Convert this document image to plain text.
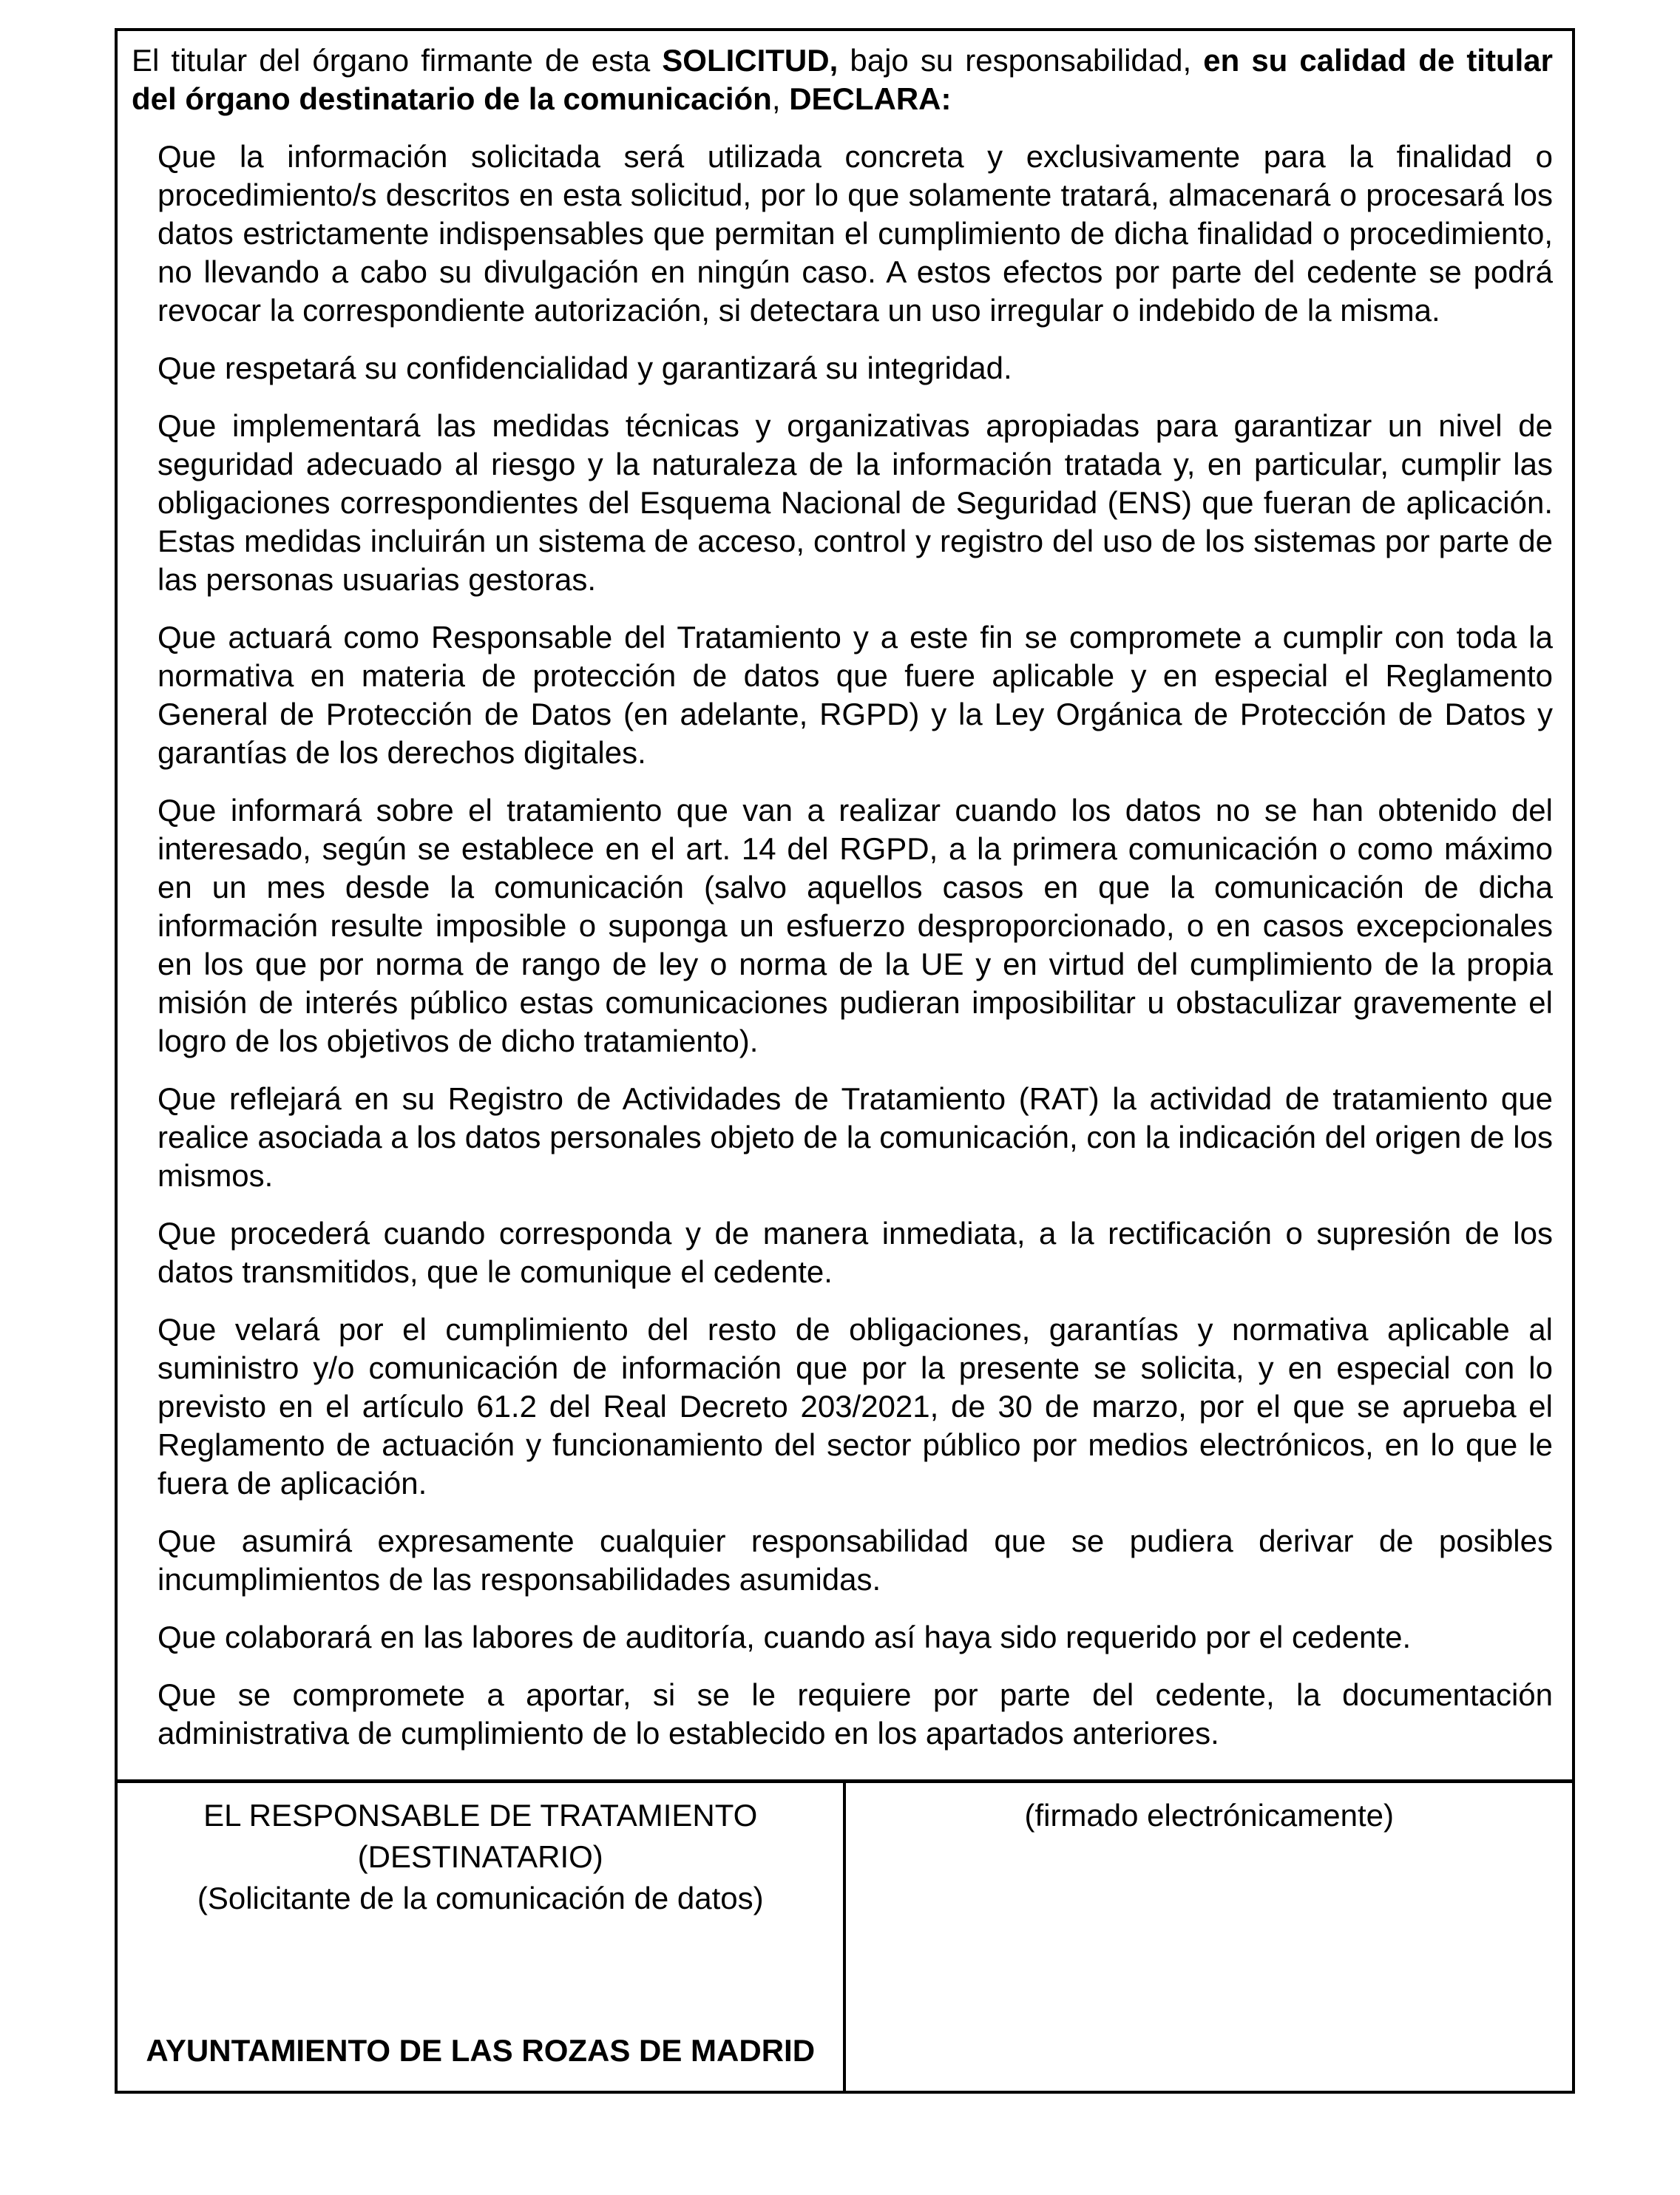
El titular del órgano firmante de esta SOLICITUD, bajo su responsabilidad, en su calidad de titular del órgano destinatario de la comunicación, DECLARA:

Que la información solicitada será utilizada concreta y exclusivamente para la finalidad o procedimiento/s descritos en esta solicitud, por lo que solamente tratará, almacenará o procesará los datos estrictamente indispensables que permitan el cumplimiento de dicha finalidad o procedimiento, no llevando a cabo su divulgación en ningún caso. A estos efectos por parte del cedente se podrá revocar la correspondiente autorización, si detectara un uso irregular o indebido de la misma.

Que respetará su confidencialidad y garantizará su integridad.

Que implementará las medidas técnicas y organizativas apropiadas para garantizar un nivel de seguridad adecuado al riesgo y la naturaleza de la información tratada y, en particular, cumplir las obligaciones correspondientes del Esquema Nacional de Seguridad (ENS) que fueran de aplicación. Estas medidas incluirán un sistema de acceso, control y registro del uso de los sistemas por parte de las personas usuarias gestoras.

Que actuará como Responsable del Tratamiento y a este fin se compromete a cumplir con toda la normativa en materia de protección de datos que fuere aplicable y en especial el Reglamento General de Protección de Datos (en adelante, RGPD) y la Ley Orgánica de Protección de Datos y garantías de los derechos digitales.

Que informará sobre el tratamiento que van a realizar cuando los datos no se han obtenido del interesado, según se establece en el art. 14 del RGPD, a la primera comunicación o como máximo en un mes desde la comunicación (salvo aquellos casos en que la comunicación de dicha información resulte imposible o suponga un esfuerzo desproporcionado, o en casos excepcionales en los que por norma de rango de ley o norma de la UE y en virtud del cumplimiento de la propia misión de interés público estas comunicaciones pudieran imposibilitar u obstaculizar gravemente el logro de los objetivos de dicho tratamiento).

Que reflejará en su Registro de Actividades de Tratamiento (RAT) la actividad de tratamiento que realice asociada a los datos personales objeto de la comunicación, con la indicación del origen de los mismos.

Que procederá cuando corresponda y de manera inmediata, a la rectificación o supresión de los datos transmitidos, que le comunique el cedente.

Que velará por el cumplimiento del resto de obligaciones, garantías y normativa aplicable al suministro y/o comunicación de información que por la presente se solicita, y en especial con lo previsto en el artículo 61.2 del Real Decreto 203/2021, de 30 de marzo, por el que se aprueba el Reglamento de actuación y funcionamiento del sector público por medios electrónicos, en lo que le fuera de aplicación.

Que asumirá expresamente cualquier responsabilidad que se pudiera derivar de posibles incumplimientos de las responsabilidades asumidas.

Que colaborará en las labores de auditoría, cuando así haya sido requerido por el cedente.

Que se compromete a aportar, si se le requiere por parte del cedente, la documentación administrativa de cumplimiento de lo establecido en los apartados anteriores.

EL RESPONSABLE DE TRATAMIENTO
(DESTINATARIO)
(Solicitante de la comunicación de datos)
AYUNTAMIENTO DE LAS ROZAS DE MADRID
(firmado electrónicamente)
